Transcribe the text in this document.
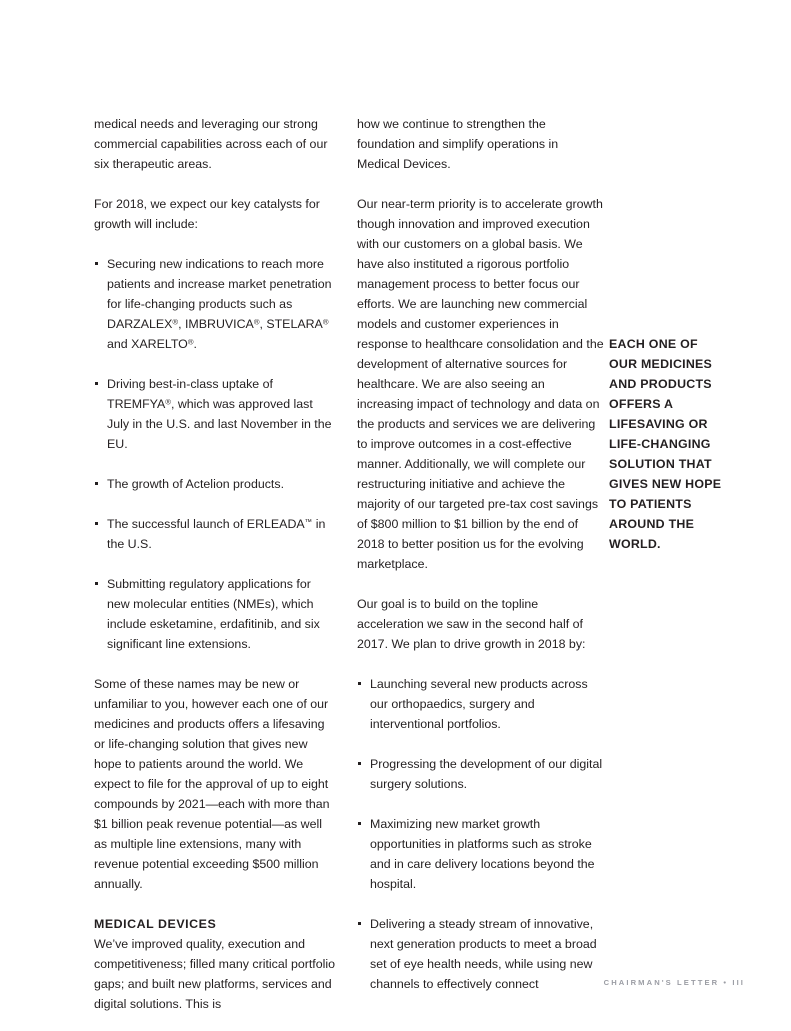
medical needs and leveraging our strong commercial capabilities across each of our six therapeutic areas.

For 2018, we expect our key catalysts for growth will include:

Securing new indications to reach more patients and increase market penetration for life-changing products such as DARZALEX®, IMBRUVICA®, STELARA® and XARELTO®.
Driving best-in-class uptake of TREMFYA®, which was approved last July in the U.S. and last November in the EU.
The growth of Actelion products.
The successful launch of ERLEADA™ in the U.S.
Submitting regulatory applications for new molecular entities (NMEs), which include esketamine, erdafitinib, and six significant line extensions.

Some of these names may be new or unfamiliar to you, however each one of our medicines and products offers a lifesaving or life-changing solution that gives new hope to patients around the world. We expect to file for the approval of up to eight compounds by 2021—each with more than $1 billion peak revenue potential—as well as multiple line extensions, many with revenue potential exceeding $500 million annually.

MEDICAL DEVICES

We’ve improved quality, execution and competitiveness; filled many critical portfolio gaps; and built new platforms, services and digital solutions. This is

how we continue to strengthen the foundation and simplify operations in Medical Devices.

Our near-term priority is to accelerate growth though innovation and improved execution with our customers on a global basis. We have also instituted a rigorous portfolio management process to better focus our efforts. We are launching new commercial models and customer experiences in response to healthcare consolidation and the development of alternative sources for healthcare. We are also seeing an increasing impact of technology and data on the products and services we are delivering to improve outcomes in a cost-effective manner. Additionally, we will complete our restructuring initiative and achieve the majority of our targeted pre-tax cost savings of $800 million to $1 billion by the end of 2018 to better position us for the evolving marketplace.

Our goal is to build on the topline acceleration we saw in the second half of 2017. We plan to drive growth in 2018 by:

Launching several new products across our orthopaedics, surgery and interventional portfolios.
Progressing the development of our digital surgery solutions.
Maximizing new market growth opportunities in platforms such as stroke and in care delivery locations beyond the hospital.
Delivering a steady stream of innovative, next generation products to meet a broad set of eye health needs, while using new channels to effectively connect
EACH ONE OF
OUR MEDICINES
AND PRODUCTS
OFFERS A
LIFESAVING OR
LIFE-CHANGING
SOLUTION THAT
GIVES NEW HOPE
TO PATIENTS
AROUND THE
WORLD.
CHAIRMAN'S LETTER • III
